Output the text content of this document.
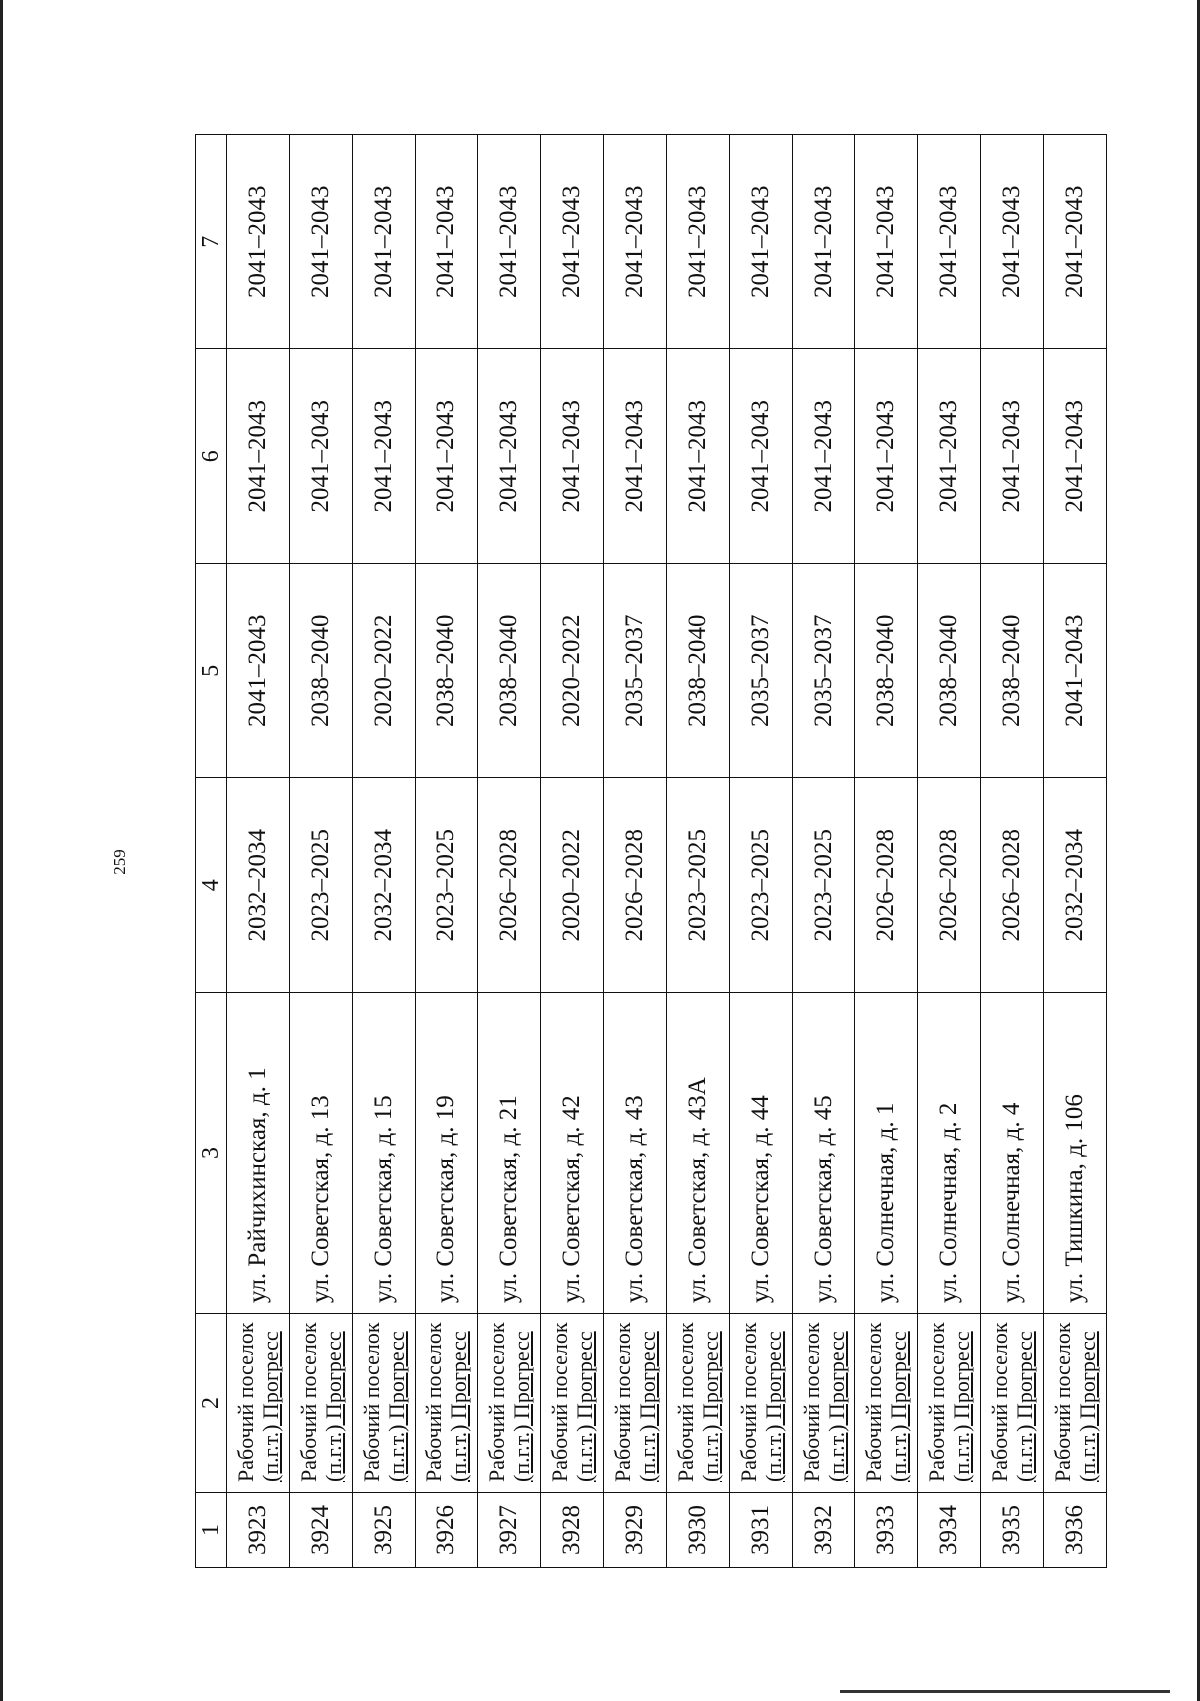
259
1	2	3	4	5	6	7
3923	Рабочий поселок (п.г.т.) Прогресс	ул. Райчихинская, д. 1	2032–2034	2041–2043	2041–2043	2041–2043
3924	Рабочий поселок (п.г.т.) Прогресс	ул. Советская, д. 13	2023–2025	2038–2040	2041–2043	2041–2043
3925	Рабочий поселок (п.г.т.) Прогресс	ул. Советская, д. 15	2032–2034	2020–2022	2041–2043	2041–2043
3926	Рабочий поселок (п.г.т.) Прогресс	ул. Советская, д. 19	2023–2025	2038–2040	2041–2043	2041–2043
3927	Рабочий поселок (п.г.т.) Прогресс	ул. Советская, д. 21	2026–2028	2038–2040	2041–2043	2041–2043
3928	Рабочий поселок (п.г.т.) Прогресс	ул. Советская, д. 42	2020–2022	2020–2022	2041–2043	2041–2043
3929	Рабочий поселок (п.г.т.) Прогресс	ул. Советская, д. 43	2026–2028	2035–2037	2041–2043	2041–2043
3930	Рабочий поселок (п.г.т.) Прогресс	ул. Советская, д. 43А	2023–2025	2038–2040	2041–2043	2041–2043
3931	Рабочий поселок (п.г.т.) Прогресс	ул. Советская, д. 44	2023–2025	2035–2037	2041–2043	2041–2043
3932	Рабочий поселок (п.г.т.) Прогресс	ул. Советская, д. 45	2023–2025	2035–2037	2041–2043	2041–2043
3933	Рабочий поселок (п.г.т.) Прогресс	ул. Солнечная, д. 1	2026–2028	2038–2040	2041–2043	2041–2043
3934	Рабочий поселок (п.г.т.) Прогресс	ул. Солнечная, д. 2	2026–2028	2038–2040	2041–2043	2041–2043
3935	Рабочий поселок (п.г.т.) Прогресс	ул. Солнечная, д. 4	2026–2028	2038–2040	2041–2043	2041–2043
3936	Рабочий поселок (п.г.т.) Прогресс	ул. Тишкина, д. 106	2032–2034	2041–2043	2041–2043	2041–2043
